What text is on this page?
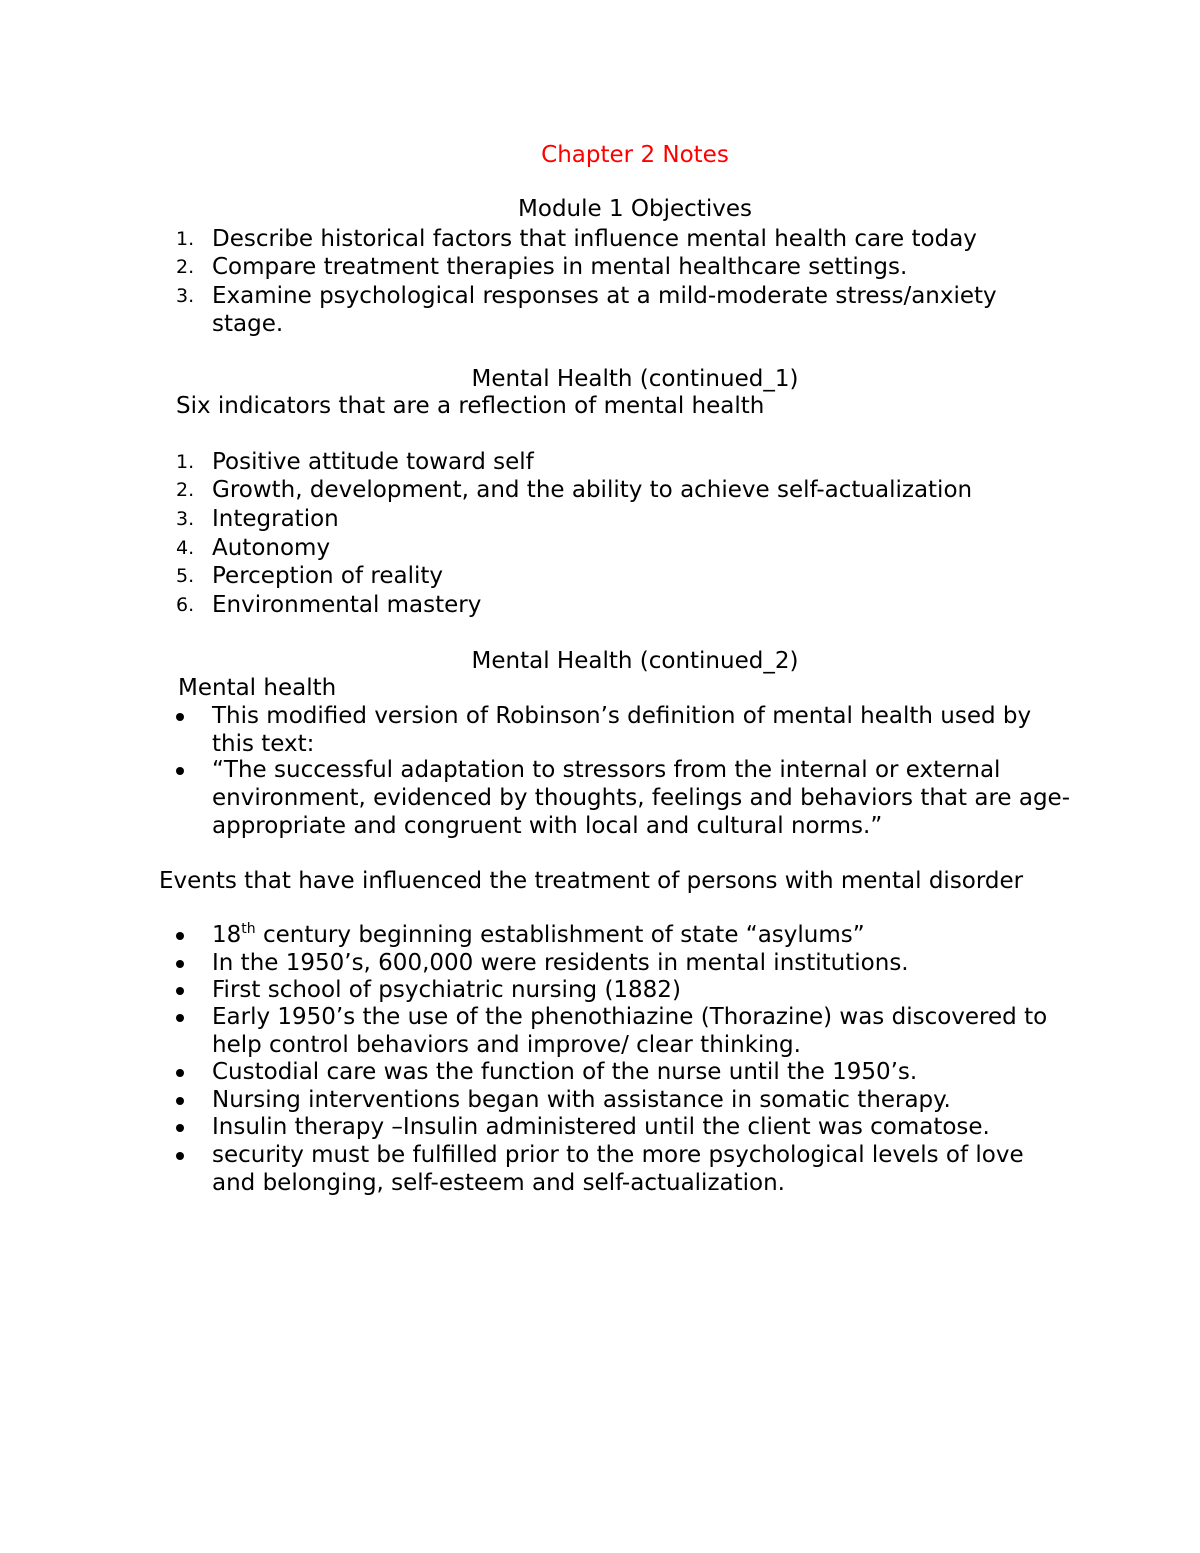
Chapter 2 Notes
Module 1 Objectives
1. Describe historical factors that influence mental health care today
2. Compare treatment therapies in mental healthcare settings.
3. Examine psychological responses at a mild-moderate stress/anxiety stage.
Mental Health (continued_1)
Six indicators that are a reflection of mental health
1. Positive attitude toward self
2. Growth, development, and the ability to achieve self-actualization
3. Integration
4. Autonomy
5. Perception of reality
6. Environmental mastery
Mental Health (continued_2)
Mental health
This modified version of Robinson’s definition of mental health used by this text:
“The successful adaptation to stressors from the internal or external environment, evidenced by thoughts, feelings and behaviors that are age-appropriate and congruent with local and cultural norms.”
Events that have influenced the treatment of persons with mental disorder
18th century beginning establishment of state “asylums”
In the 1950’s, 600,000 were residents in mental institutions.
First school of psychiatric nursing (1882)
Early 1950’s the use of the phenothiazine (Thorazine) was discovered to help control behaviors and improve/ clear thinking.
Custodial care was the function of the nurse until the 1950’s.
Nursing interventions began with assistance in somatic therapy.
Insulin therapy –Insulin administered until the client was comatose.
security must be fulfilled prior to the more psychological levels of love and belonging, self-esteem and self-actualization.
